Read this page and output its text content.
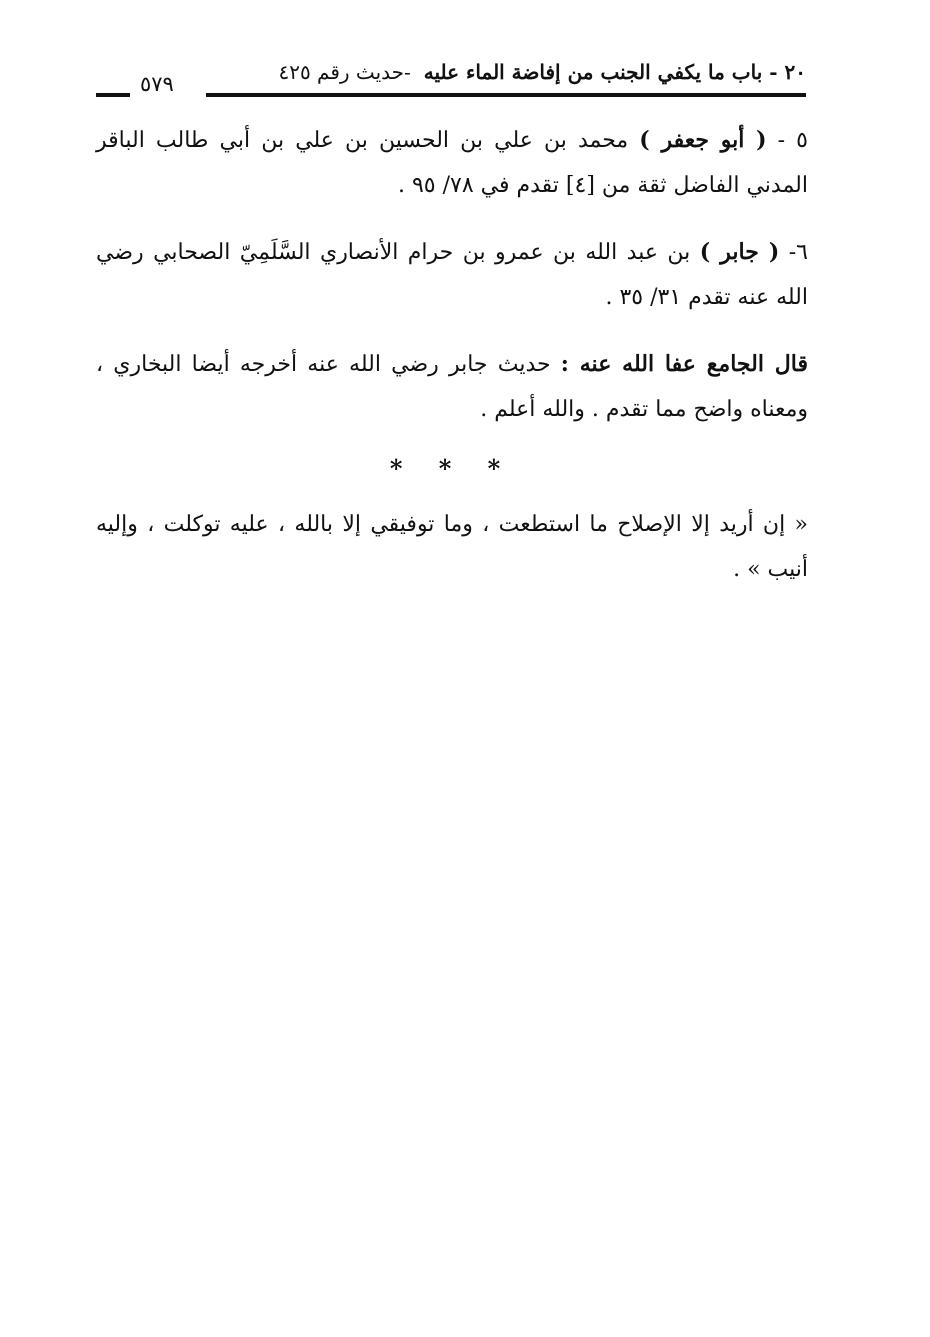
٢٠ - باب ما يكفي الجنب من إفاضة الماء عليه -حديث رقم ٤٢٥
٥٧٩

٥ - ( أبو جعفر ) محمد بن علي بن الحسين بن علي بن أبي طالب الباقر المدني الفاضل ثقة من [٤] تقدم في ٧٨/ ٩٥ .

٦- ( جابر ) بن عبد الله بن عمرو بن حرام الأنصاري السَّلَمِيّ الصحابي رضي الله عنه تقدم ٣١/ ٣٥ .

قال الجامع عفا الله عنه : حديث جابر رضي الله عنه أخرجه أيضا البخاري ، ومعناه واضح مما تقدم . والله أعلم .

* * *

« إن أريد إلا الإصلاح ما استطعت ، وما توفيقي إلا بالله ، عليه توكلت ، وإليه أنيب » .
